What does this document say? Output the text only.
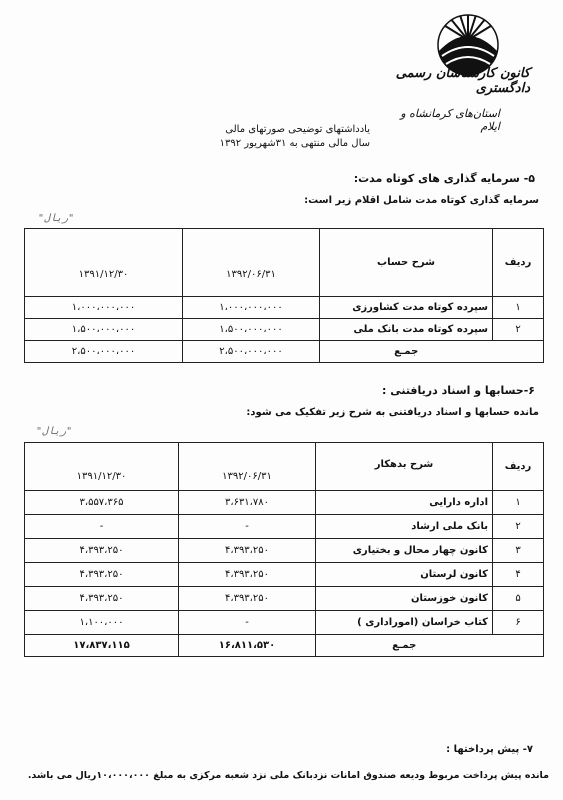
کانون کارشناسان رسمی دادگستری
استان‌های کرمانشاه و ایلام
یادداشتهای توضیحی صورتهای مالی
سال مالی منتهی به ۳۱شهریور ۱۳۹۲
۵- سرمایه گذاری های کوتاه مدت:
سرمایه گذاری کوتاه مدت شامل اقلام زیر است:
"ریال"
ردیف	شرح حساب	۱۳۹۲/۰۶/۳۱	۱۳۹۱/۱۲/۳۰
۱	سپرده کوتاه مدت کشاورزی	۱،۰۰۰،۰۰۰،۰۰۰	۱،۰۰۰،۰۰۰،۰۰۰
۲	سپرده کوتاه مدت بانک ملی	۱،۵۰۰،۰۰۰،۰۰۰	۱،۵۰۰،۰۰۰،۰۰۰
	جمـع	۲،۵۰۰،۰۰۰،۰۰۰	۲،۵۰۰،۰۰۰،۰۰۰
۶-حسابها و اسناد دریافتنی :
مانده حسابها و اسناد دریافتنی به شرح زیر تفکیک می شود:
"ریال"
ردیف	شرح بدهکار	۱۳۹۲/۰۶/۳۱	۱۳۹۱/۱۲/۳۰
۱	اداره دارایی	۳،۶۳۱،۷۸۰	۳،۵۵۷،۳۶۵
۲	بانک ملی ارشاد	-	-
۳	کانون چهار محال و بختیاری	۴،۳۹۳،۲۵۰	۴،۳۹۳،۲۵۰
۴	کانون لرستان	۴،۳۹۳،۲۵۰	۴،۳۹۳،۲۵۰
۵	کانون خوزستان	۴،۳۹۳،۲۵۰	۴،۳۹۳،۲۵۰
۶	کتاب خراسان (اموراداری )	-	۱،۱۰۰،۰۰۰
	جمـع	۱۶،۸۱۱،۵۳۰	۱۷،۸۳۷،۱۱۵
۷- پیش پرداختها :
مانده پیش پرداخت مربوط ودیعه صندوق امانات نزدبانک ملی نزد شعبه مرکزی به مبلغ ۱۰،۰۰۰،۰۰۰ریال می باشد.
